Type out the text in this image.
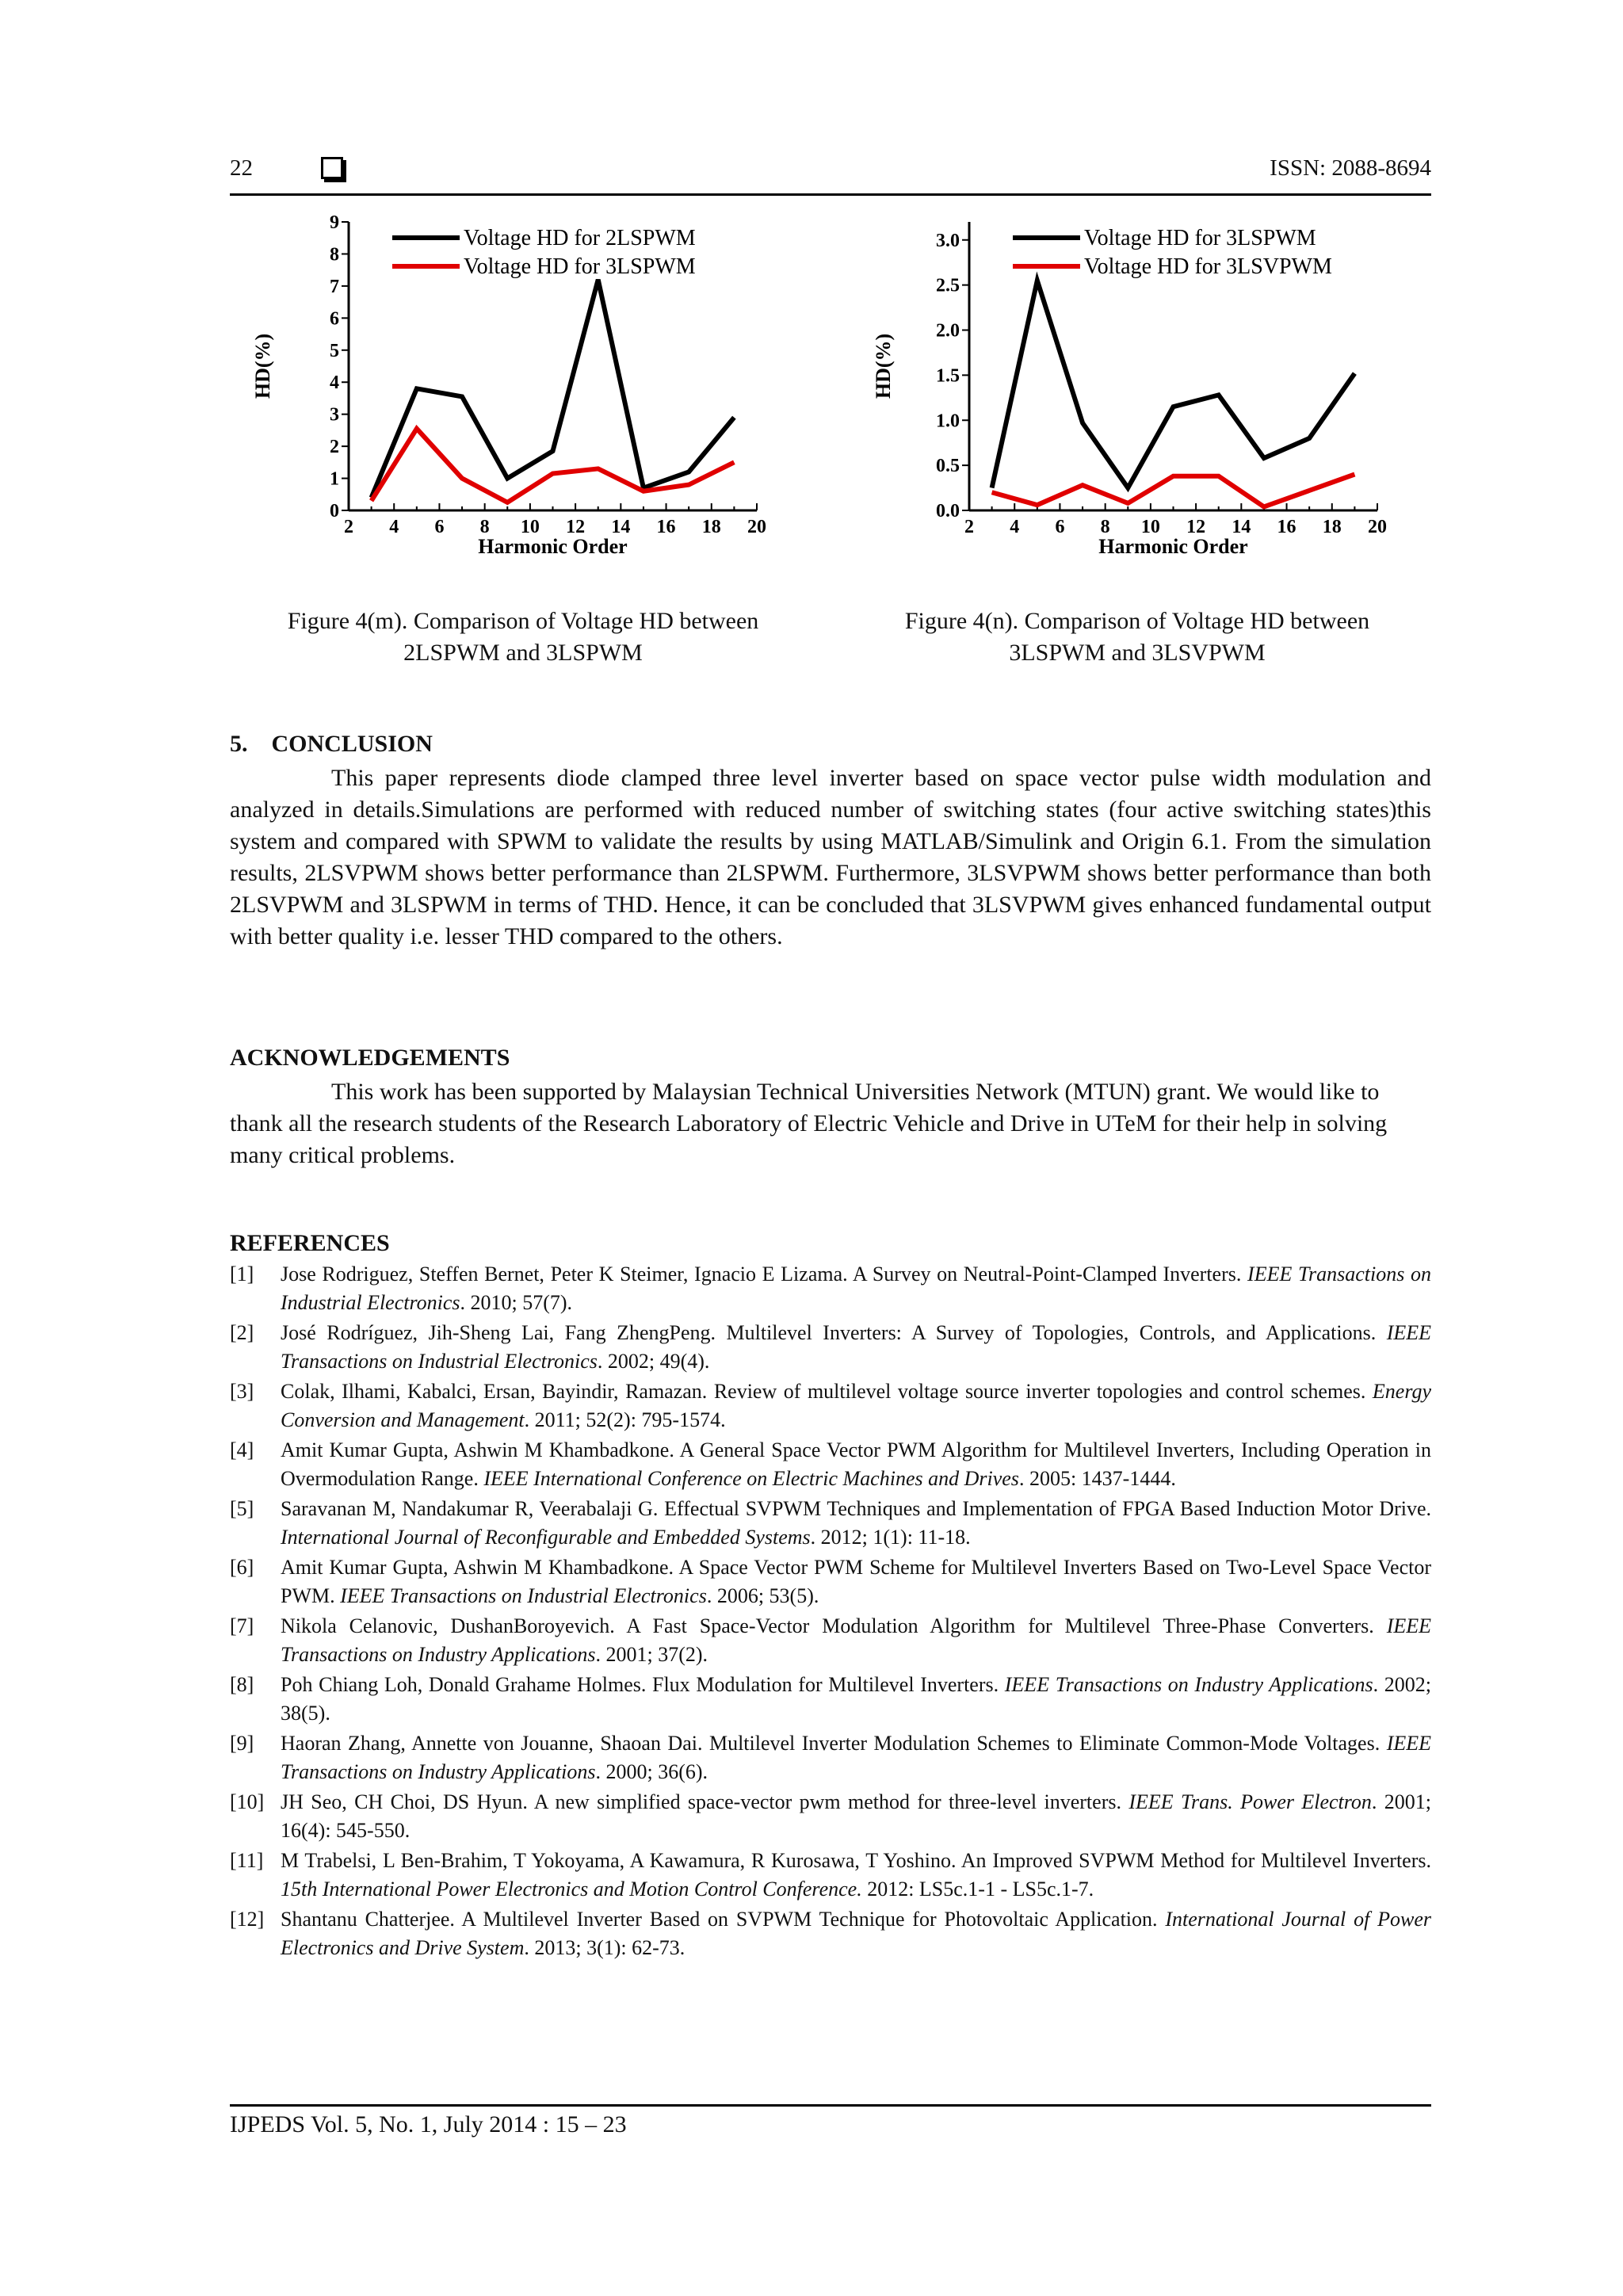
22	ISSN: 2088-8694
2 4 6 8 10 12 14 16 18 20
0
1
2
3
4
5
6
7
8
9
Harmonic Order
HD(%)
Voltage HD for 2LSPWM
Voltage HD for 3LSPWM
2 4 6 8 10 12 14 16 18 20
0.0
0.5
1.0
1.5
2.0
2.5
3.0
Harmonic Order
HD(%)
Voltage HD for 3LSPWM
Voltage HD for 3LSVPWM
Figure 4(m). Comparison of Voltage HD between
2LSPWM and 3LSPWM
Figure 4(n). Comparison of Voltage HD between
3LSPWM and 3LSVPWM
5.    CONCLUSION

This paper represents diode clamped three level inverter based on space vector pulse width modulation and analyzed in details.Simulations are performed with reduced number of switching states (four active switching states)this system and compared with SPWM to validate the results by using MATLAB/Simulink and Origin 6.1. From the simulation results, 2LSVPWM shows better performance than 2LSPWM. Furthermore, 3LSVPWM shows better performance than both 2LSVPWM and 3LSPWM in terms of THD. Hence, it can be concluded that 3LSVPWM gives enhanced fundamental output with better quality i.e. lesser THD compared to the others.

ACKNOWLEDGEMENTS

This work has been supported by Malaysian Technical Universities Network (MTUN) grant. We would like to thank all the research students of the Research Laboratory of Electric Vehicle and Drive in UTeM for their help in solving many critical problems.

REFERENCES
[1]	Jose Rodriguez, Steffen Bernet, Peter K Steimer, Ignacio E Lizama. A Survey on Neutral-Point-Clamped Inverters. IEEE Transactions on Industrial Electronics. 2010; 57(7).
[2]	José Rodríguez, Jih-Sheng Lai, Fang ZhengPeng. Multilevel Inverters: A Survey of Topologies, Controls, and Applications. IEEE Transactions on Industrial Electronics. 2002; 49(4).
[3]	Colak, Ilhami, Kabalci, Ersan, Bayindir, Ramazan. Review of multilevel voltage source inverter topologies and control schemes. Energy Conversion and Management. 2011; 52(2): 795-1574.
[4]	Amit Kumar Gupta, Ashwin M Khambadkone. A General Space Vector PWM Algorithm for Multilevel Inverters, Including Operation in Overmodulation Range. IEEE International Conference on Electric Machines and Drives. 2005: 1437-1444.
[5]	Saravanan M, Nandakumar R, Veerabalaji G. Effectual SVPWM Techniques and Implementation of FPGA Based Induction Motor Drive. International Journal of Reconfigurable and Embedded Systems. 2012; 1(1): 11-18.
[6]	Amit Kumar Gupta, Ashwin M Khambadkone. A Space Vector PWM Scheme for Multilevel Inverters Based on Two-Level Space Vector PWM. IEEE Transactions on Industrial Electronics. 2006; 53(5).
[7]	Nikola Celanovic, DushanBoroyevich. A Fast Space-Vector Modulation Algorithm for Multilevel Three-Phase Converters. IEEE Transactions on Industry Applications. 2001; 37(2).
[8]	Poh Chiang Loh, Donald Grahame Holmes. Flux Modulation for Multilevel Inverters. IEEE Transactions on Industry Applications. 2002; 38(5).
[9]	Haoran Zhang, Annette von Jouanne, Shaoan Dai. Multilevel Inverter Modulation Schemes to Eliminate Common-Mode Voltages. IEEE Transactions on Industry Applications. 2000; 36(6).
[10] JH Seo, CH Choi, DS Hyun. A new simplified space-vector pwm method for three-level inverters. IEEE Trans. Power Electron. 2001; 16(4): 545-550.
[11] M Trabelsi, L Ben-Brahim, T Yokoyama, A Kawamura, R Kurosawa, T Yoshino. An Improved SVPWM Method for Multilevel Inverters. 15th International Power Electronics and Motion Control Conference. 2012: LS5c.1-1 - LS5c.1-7.
[12] Shantanu Chatterjee. A Multilevel Inverter Based on SVPWM Technique for Photovoltaic Application. International Journal of Power Electronics and Drive System. 2013; 3(1): 62-73.
IJPEDS Vol. 5, No. 1, July 2014 : 15 – 23
